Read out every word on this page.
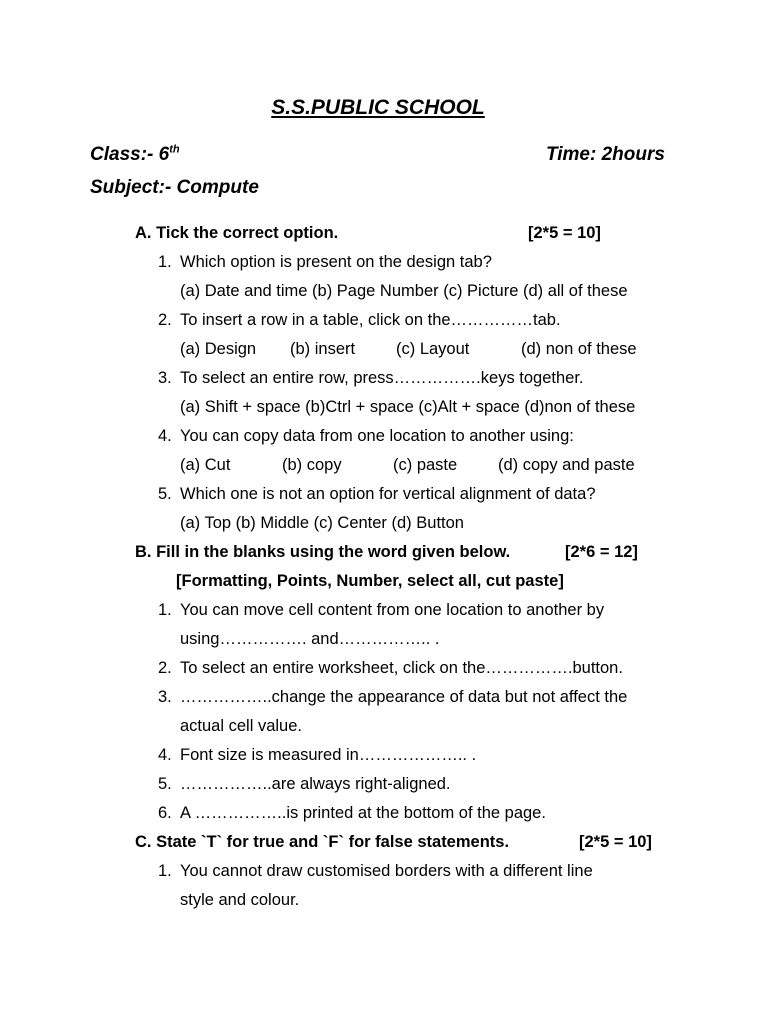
S.S.PUBLIC SCHOOL
Class:- 6th	Time: 2hours
Subject:- Compute
A. Tick the correct option.	[2*5 = 10]
1. Which option is present on the design tab?
(a) Date and time (b) Page Number (c) Picture (d) all of these
2. To insert a row in a table, click on the……………tab.
(a) Design (b) insert (c) Layout	(d) non of these
3. To select an entire row, press…………….keys together.
(a) Shift + space (b)Ctrl + space (c)Alt + space (d)non of these
4. You can copy data from one location to another using:
(a) Cut	(b) copy	(c) paste (d) copy and paste
5. Which one is not an option for vertical alignment of data?
(a) Top (b) Middle (c) Center (d) Button
B. Fill in the blanks using the word given below.	[2*6 = 12]
[Formatting, Points, Number, select all, cut paste]
1. You can move cell content from one location to another by
using……………. and…………….. .
2. To select an entire worksheet, click on the…………….button.
3. ……………..change the appearance of data but not affect the
actual cell value.
4. Font size is measured in……………….. .
5. ……………..are always right-aligned.
6. A ……………..is printed at the bottom of the page.
C. State `T` for true and `F` for false statements.	[2*5 = 10]
1. You cannot draw customised borders with a different line
style and colour.
